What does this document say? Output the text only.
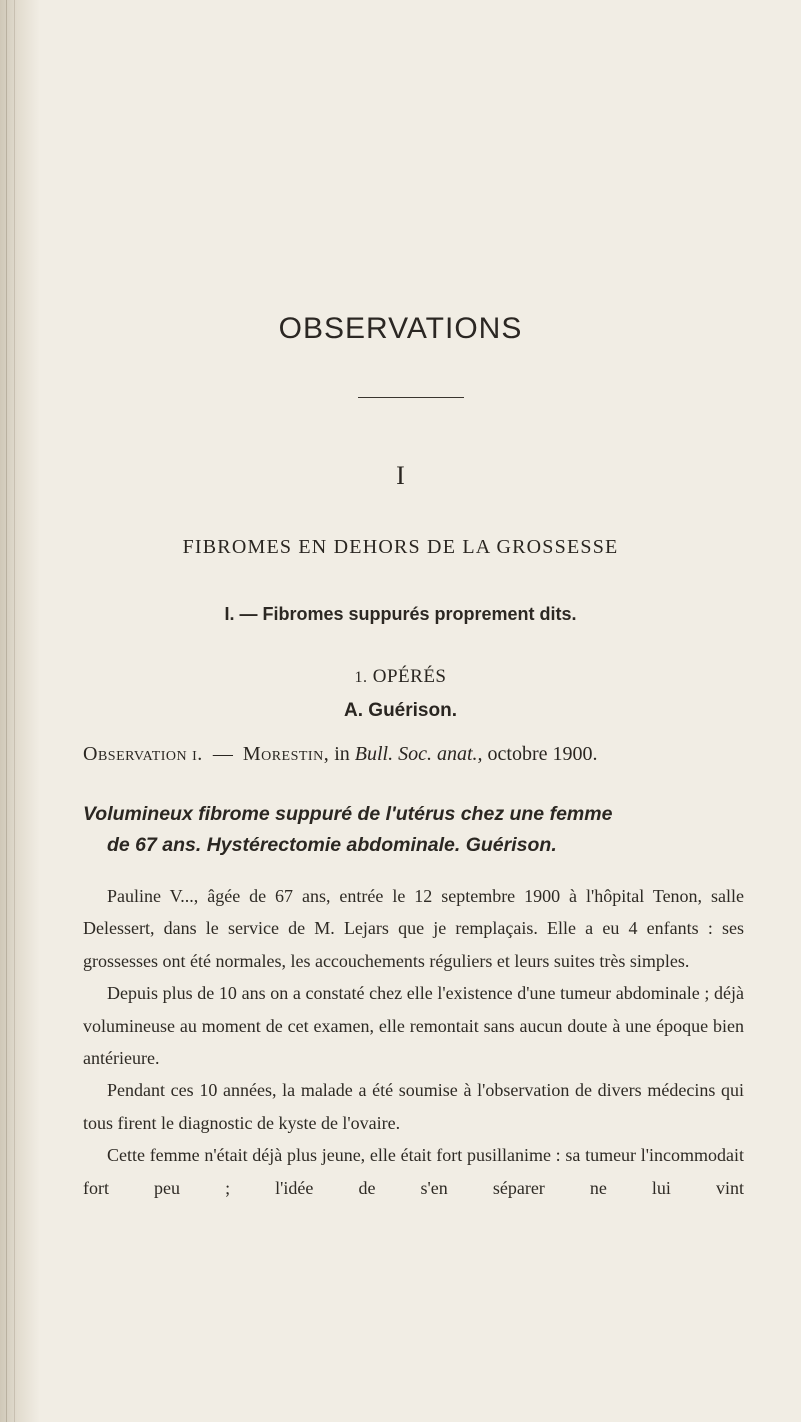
OBSERVATIONS
I
FIBROMES EN DEHORS DE LA GROSSESSE
I. — Fibromes suppurés proprement dits.
1. OPÉRÉS
A. Guérison.
Observation i.  —  Morestin, in Bull. Soc. anat., octobre 1900.
Volumineux fibrome suppuré de l'utérus chez une femme
de 67 ans. Hystérectomie abdominale. Guérison.

Pauline V..., âgée de 67 ans, entrée le 12 septembre 1900 à l'hôpital Tenon, salle Delessert, dans le service de M. Lejars que je remplaçais. Elle a eu 4 enfants : ses grossesses ont été normales, les accouchements réguliers et leurs suites très simples.

Depuis plus de 10 ans on a constaté chez elle l'existence d'une tumeur abdominale ; déjà volumineuse au moment de cet examen, elle remontait sans aucun doute à une époque bien antérieure.

Pendant ces 10 années, la malade a été soumise à l'observation de divers médecins qui tous firent le diagnostic de kyste de l'ovaire.

Cette femme n'était déjà plus jeune, elle était fort pusillanime : sa tumeur l'incommodait fort peu ; l'idée de s'en séparer ne lui vint
